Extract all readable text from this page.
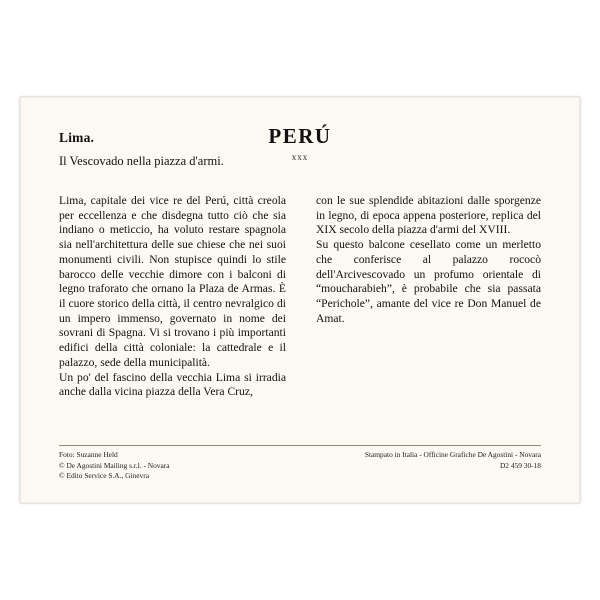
Lima.
Il Vescovado nella piazza d'armi.
PERÚ
xxx

Lima, capitale dei vice re del Perú, città creola per eccellenza e che disdegna tutto ciò che sia indiano o meticcio, ha voluto restare spagnola sia nell'architettura delle sue chiese che nei suoi monumenti civili. Non stupisce quindi lo stile barocco delle vecchie dimore con i balconi di legno traforato che ornano la Plaza de Armas. È il cuore storico della città, il centro nevralgico di un impero immenso, governato in nome dei sovrani di Spagna. Vi si trovano i più importanti edifici della città coloniale: la cattedrale e il palazzo, sede della municipalità.

Un po' del fascino della vecchia Lima si irradia anche dalla vicina piazza della Vera Cruz,

con le sue splendide abitazioni dalle sporgenze in legno, di epoca appena posteriore, replica del XIX secolo della piazza d'armi del XVIII.

Su questo balcone cesellato come un merletto che conferisce al palazzo rococò dell'Arcivescovado un profumo orientale di “moucharabieh”, è probabile che sia passata “Perichole”, amante del vice re Don Manuel de Amat.

Foto: Suzanne Held
© De Agostini Mailing s.r.l. - Novara
© Edito Service S.A., Ginevra
Stampato in Italia - Officine Grafiche De Agostini - Novara
D2 459 30-18
